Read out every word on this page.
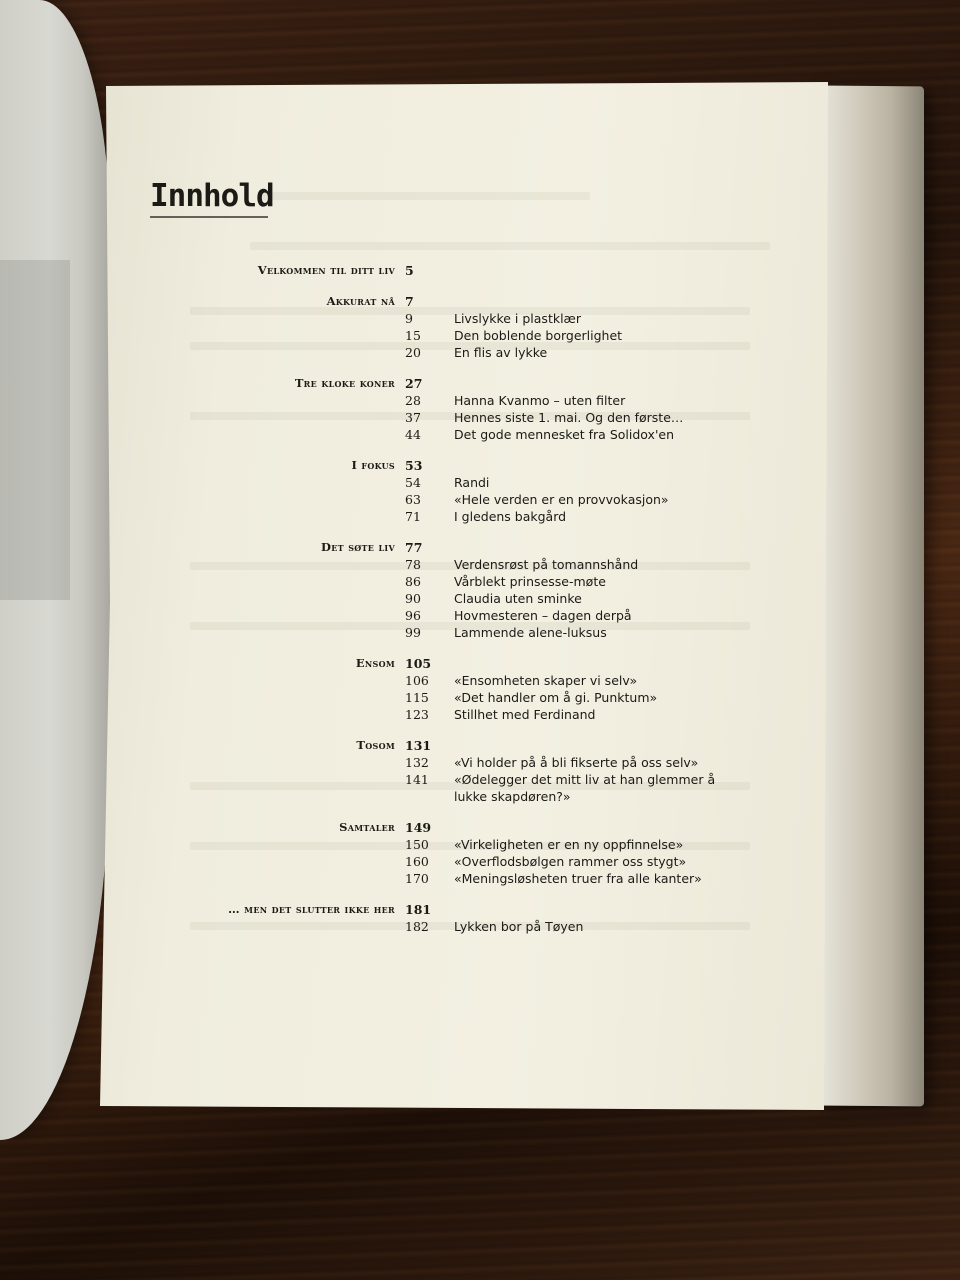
Innhold
Velkommen til ditt liv 5
Akkurat nå 7
9	Livslykke i plastklær
15	Den boblende borgerlighet
20	En flis av lykke
Tre kloke koner 27
28	Hanna Kvanmo – uten filter
37	Hennes siste 1. mai. Og den første…
44	Det gode mennesket fra Solidox'en
I fokus 53
54	Randi
63	«Hele verden er en provvokasjon»
71	I gledens bakgård
Det søte liv 77
78	Verdensrøst på tomannshånd
86	Vårblekt prinsesse-møte
90	Claudia uten sminke
96	Hovmesteren – dagen derpå
99	Lammende alene-luksus
Ensom 105
106	«Ensomheten skaper vi selv»
115	«Det handler om å gi. Punktum»
123	Stillhet med Ferdinand
Tosom 131
132	«Vi holder på å bli fikserte på oss selv»
141	«Ødelegger det mitt liv at han glemmer å lukke skapdøren?»
Samtaler 149
150	«Virkeligheten er en ny oppfinnelse»
160	«Overflodsbølgen rammer oss stygt»
170	«Meningsløsheten truer fra alle kanter»
… men det slutter ikke her 181
182	Lykken bor på Tøyen
